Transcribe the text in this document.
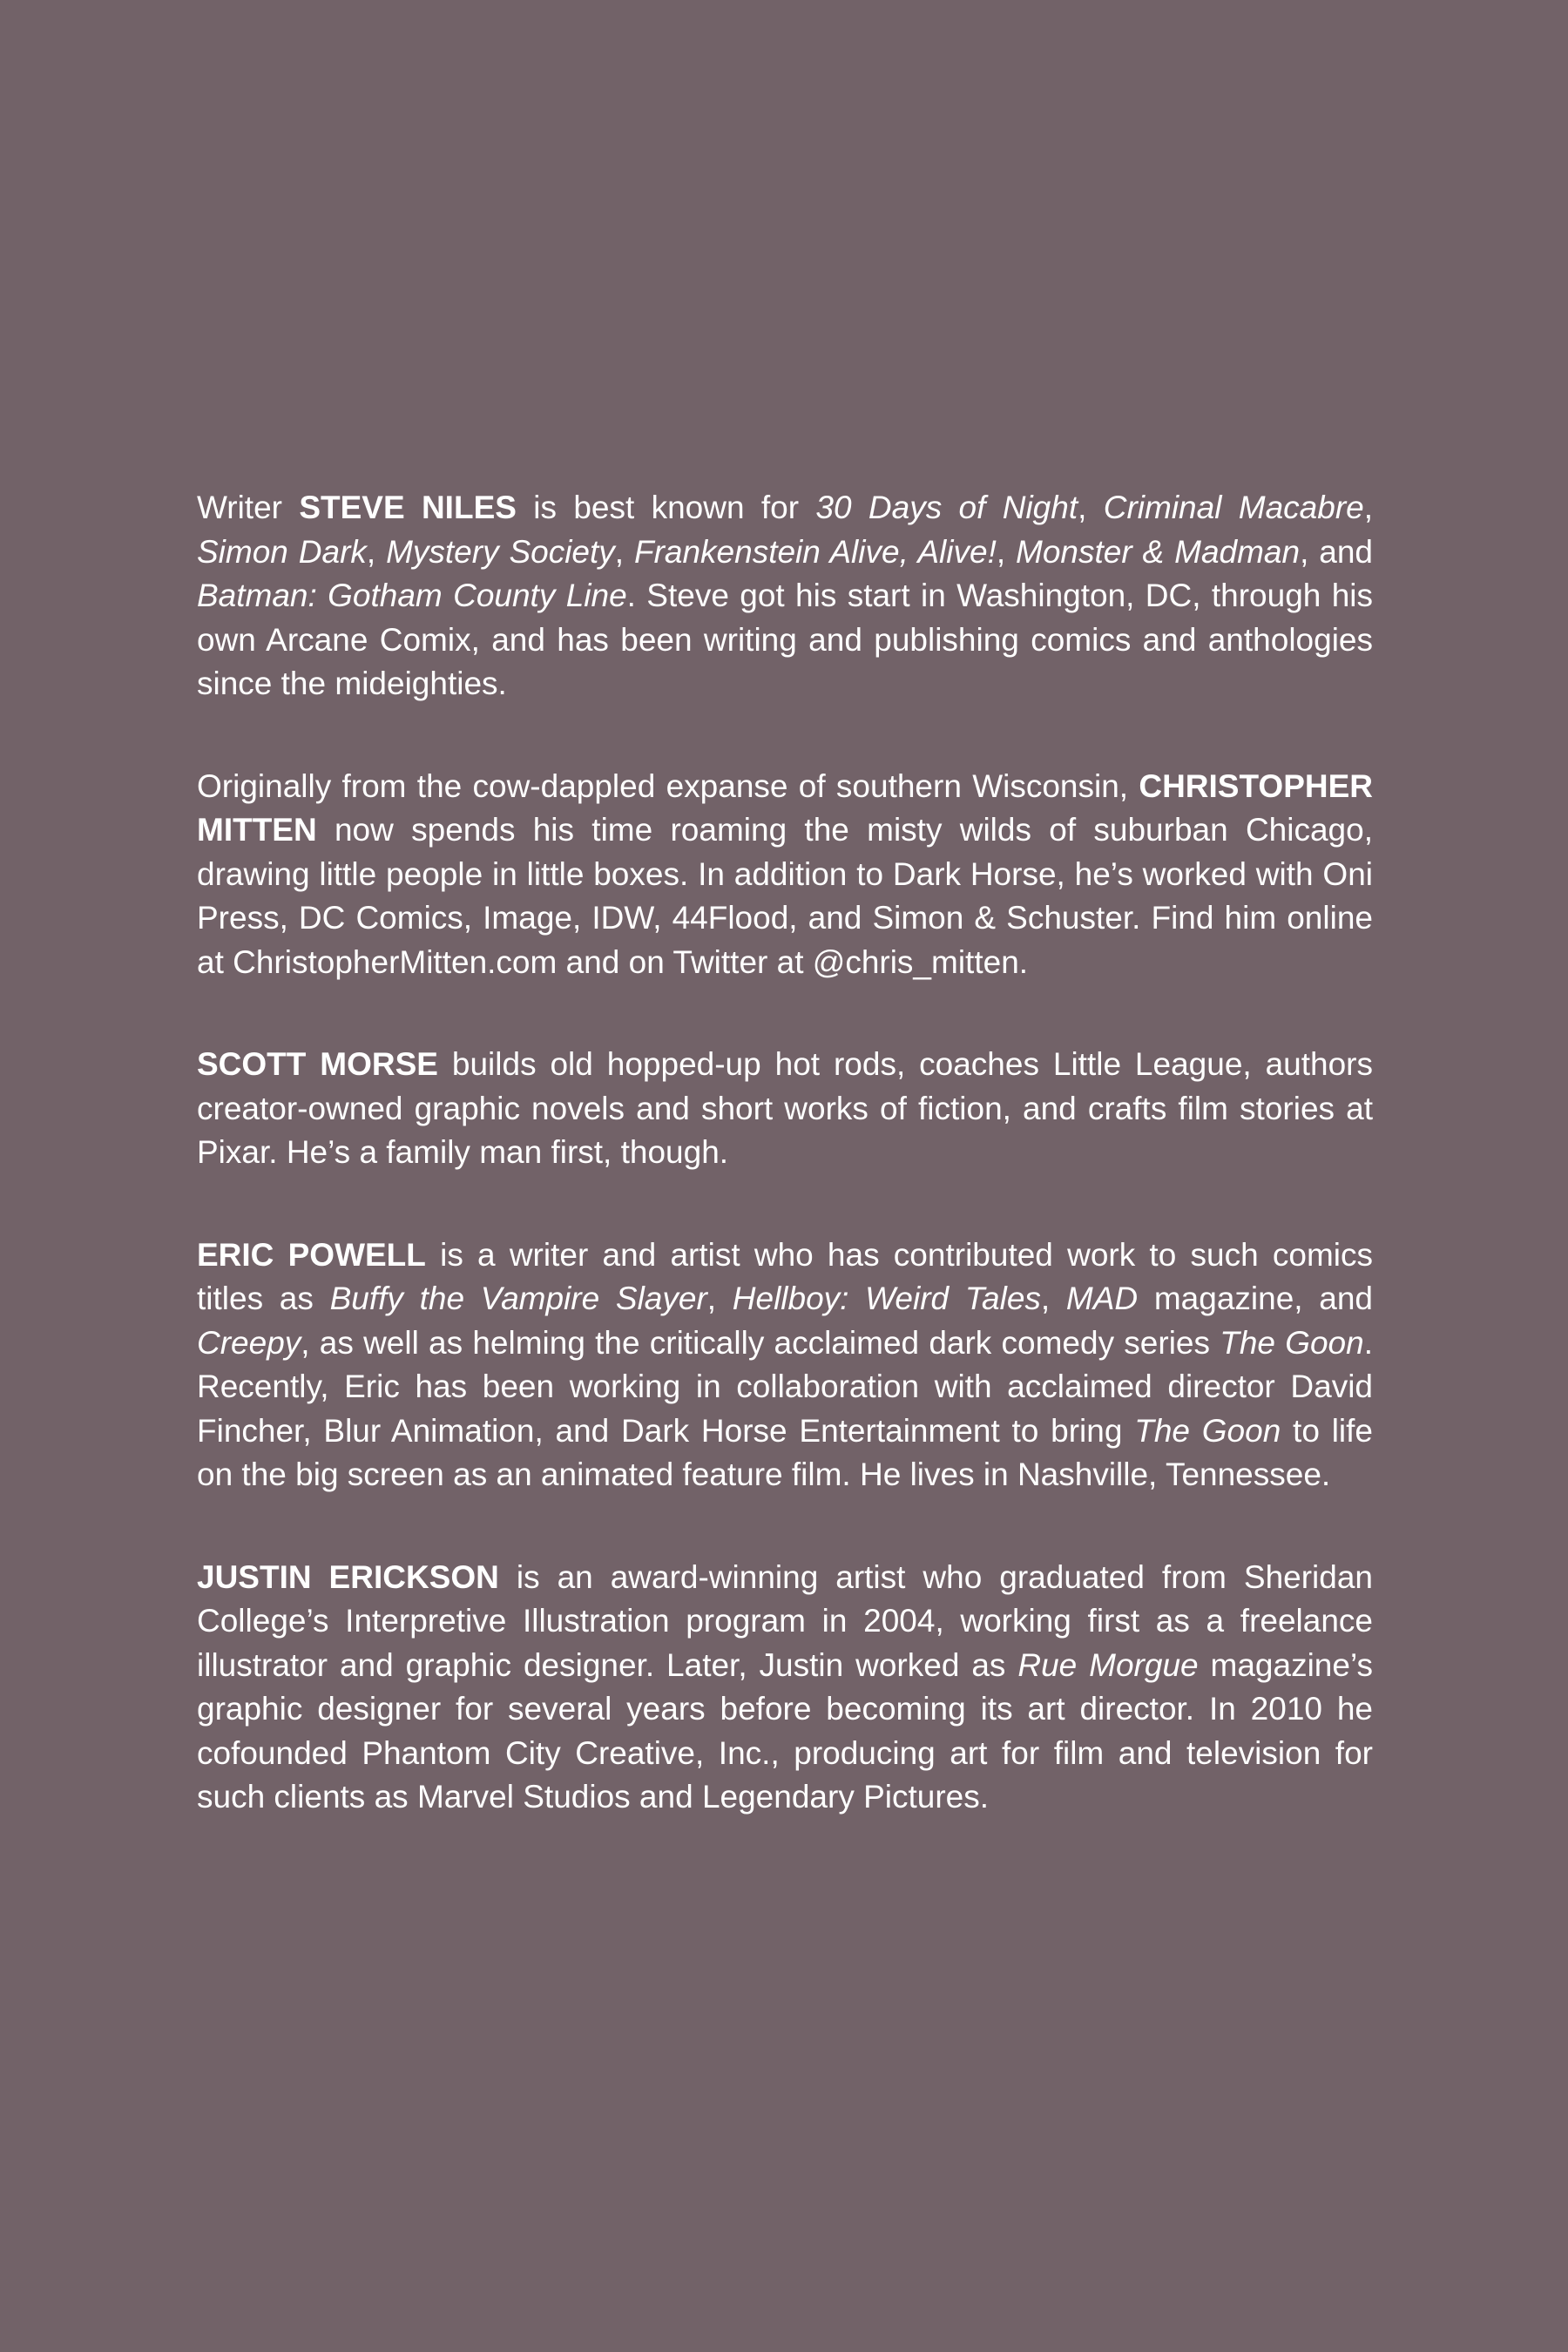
Writer STEVE NILES is best known for 30 Days of Night, Criminal Macabre, Simon Dark, Mystery Society, Frankenstein Alive, Alive!, Monster & Madman, and Batman: Gotham County Line. Steve got his start in Washington, DC, through his own Arcane Comix, and has been writing and publishing comics and anthologies since the mideighties.

Originally from the cow-dappled expanse of southern Wisconsin, CHRISTOPHER MITTEN now spends his time roaming the misty wilds of suburban Chicago, drawing little people in little boxes. In addition to Dark Horse, he’s worked with Oni Press, DC Comics, Image, IDW, 44Flood, and Simon & Schuster. Find him online at ChristopherMitten.com and on Twitter at @chris_mitten.

SCOTT MORSE builds old hopped-up hot rods, coaches Little League, authors creator-owned graphic novels and short works of fiction, and crafts film stories at Pixar. He’s a family man first, though.

ERIC POWELL is a writer and artist who has contributed work to such comics titles as Buffy the Vampire Slayer, Hellboy: Weird Tales, MAD magazine, and Creepy, as well as helming the critically acclaimed dark comedy series The Goon. Recently, Eric has been working in collaboration with acclaimed director David Fincher, Blur Animation, and Dark Horse Entertainment to bring The Goon to life on the big screen as an animated feature film. He lives in Nashville, Tennessee.

JUSTIN ERICKSON is an award-winning artist who graduated from Sheridan College’s Interpretive Illustration program in 2004, working first as a freelance illustrator and graphic designer. Later, Justin worked as Rue Morgue magazine’s graphic designer for several years before becoming its art director. In 2010 he cofounded Phantom City Creative, Inc., producing art for film and television for such clients as Marvel Studios and Legendary Pictures.
